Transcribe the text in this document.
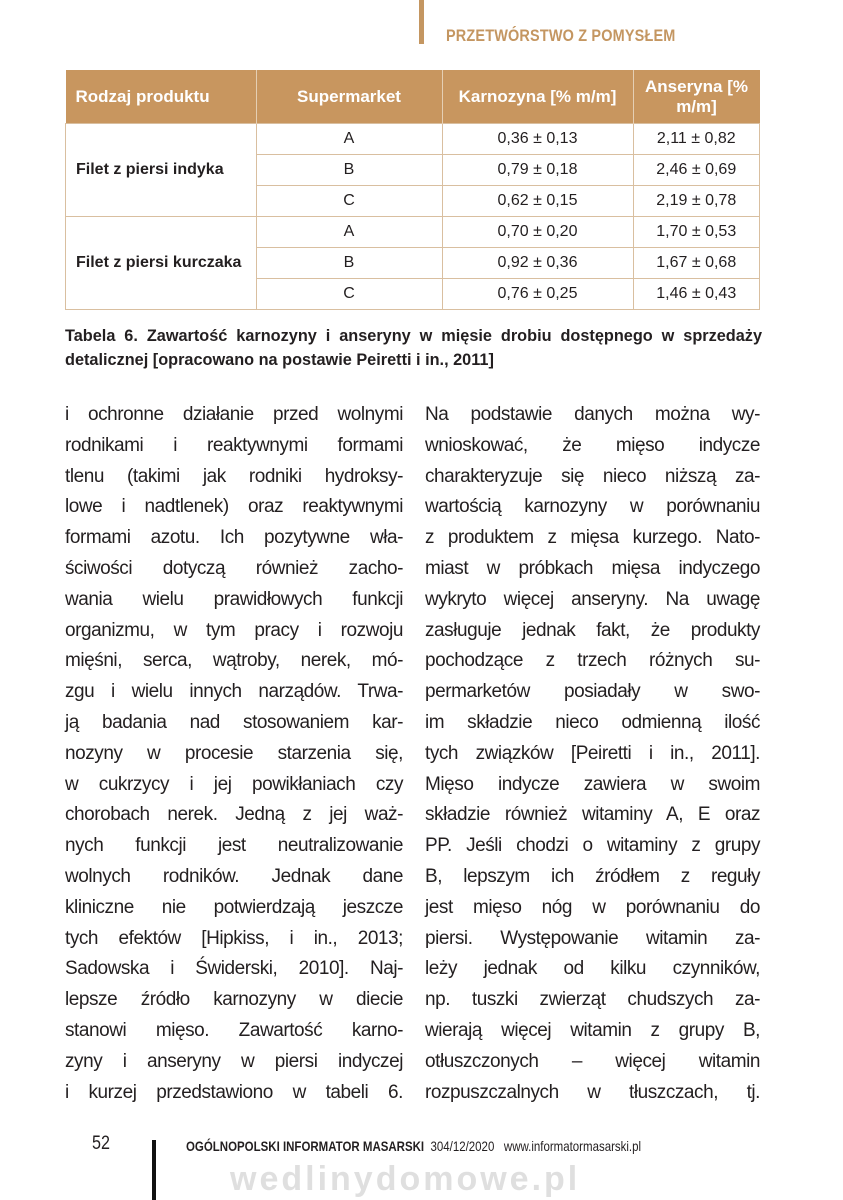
PRZETWÓRSTWO Z POMYSŁEM
Rodzaj produktu	Supermarket	Karnozyna [% m/m]	Anseryna [% m/m]
Filet z piersi indyka	A	0,36 ± 0,13	2,11 ± 0,82
	B	0,79 ± 0,18	2,46 ± 0,69
	C	0,62 ± 0,15	2,19 ± 0,78
Filet z piersi kurczaka	A	0,70 ± 0,20	1,70 ± 0,53
	B	0,92 ± 0,36	1,67 ± 0,68
	C	0,76 ± 0,25	1,46 ± 0,43
Tabela 6. Zawartość karnozyny i anseryny w mięsie drobiu dostępnego w sprzedaży detalicznej [opracowano na postawie Peiretti i in., 2011]
i ochronne działanie przed wolnymi
rodnikami i reaktywnymi formami
tlenu (takimi jak rodniki hydroksy-
lowe i nadtlenek) oraz reaktywnymi
formami azotu. Ich pozytywne wła-
ściwości dotyczą również zacho-
wania wielu prawidłowych funkcji
organizmu, w tym pracy i rozwoju
mięśni, serca, wątroby, nerek, mó-
zgu i wielu innych narządów. Trwa-
ją badania nad stosowaniem kar-
nozyny w procesie starzenia się,
w cukrzycy i jej powikłaniach czy
chorobach nerek. Jedną z jej waż-
nych funkcji jest neutralizowanie
wolnych rodników. Jednak dane
kliniczne nie potwierdzają jeszcze
tych efektów [Hipkiss, i in., 2013;
Sadowska i Świderski, 2010]. Naj-
lepsze źródło karnozyny w diecie
stanowi mięso. Zawartość karno-
zyny i anseryny w piersi indyczej
i kurzej przedstawiono w tabeli 6.
Na podstawie danych można wy-
wnioskować, że mięso indycze
charakteryzuje się nieco niższą za-
wartością karnozyny w porównaniu
z produktem z mięsa kurzego. Nato-
miast w próbkach mięsa indyczego
wykryto więcej anseryny. Na uwagę
zasługuje jednak fakt, że produkty
pochodzące z trzech różnych su-
permarketów posiadały w swo-
im składzie nieco odmienną ilość
tych związków [Peiretti i in., 2011].
Mięso indycze zawiera w swoim
składzie również witaminy A, E oraz
PP. Jeśli chodzi o witaminy z grupy
B, lepszym ich źródłem z reguły
jest mięso nóg w porównaniu do
piersi. Występowanie witamin za-
leży jednak od kilku czynników,
np. tuszki zwierząt chudszych za-
wierają więcej witamin z grupy B,
otłuszczonych – więcej witamin
rozpuszczalnych w tłuszczach, tj.
52	OGÓLNOPOLSKI INFORMATOR MASARSKI 304/12/2020 www.informatormasarski.pl
wedlinydomowe.pl
